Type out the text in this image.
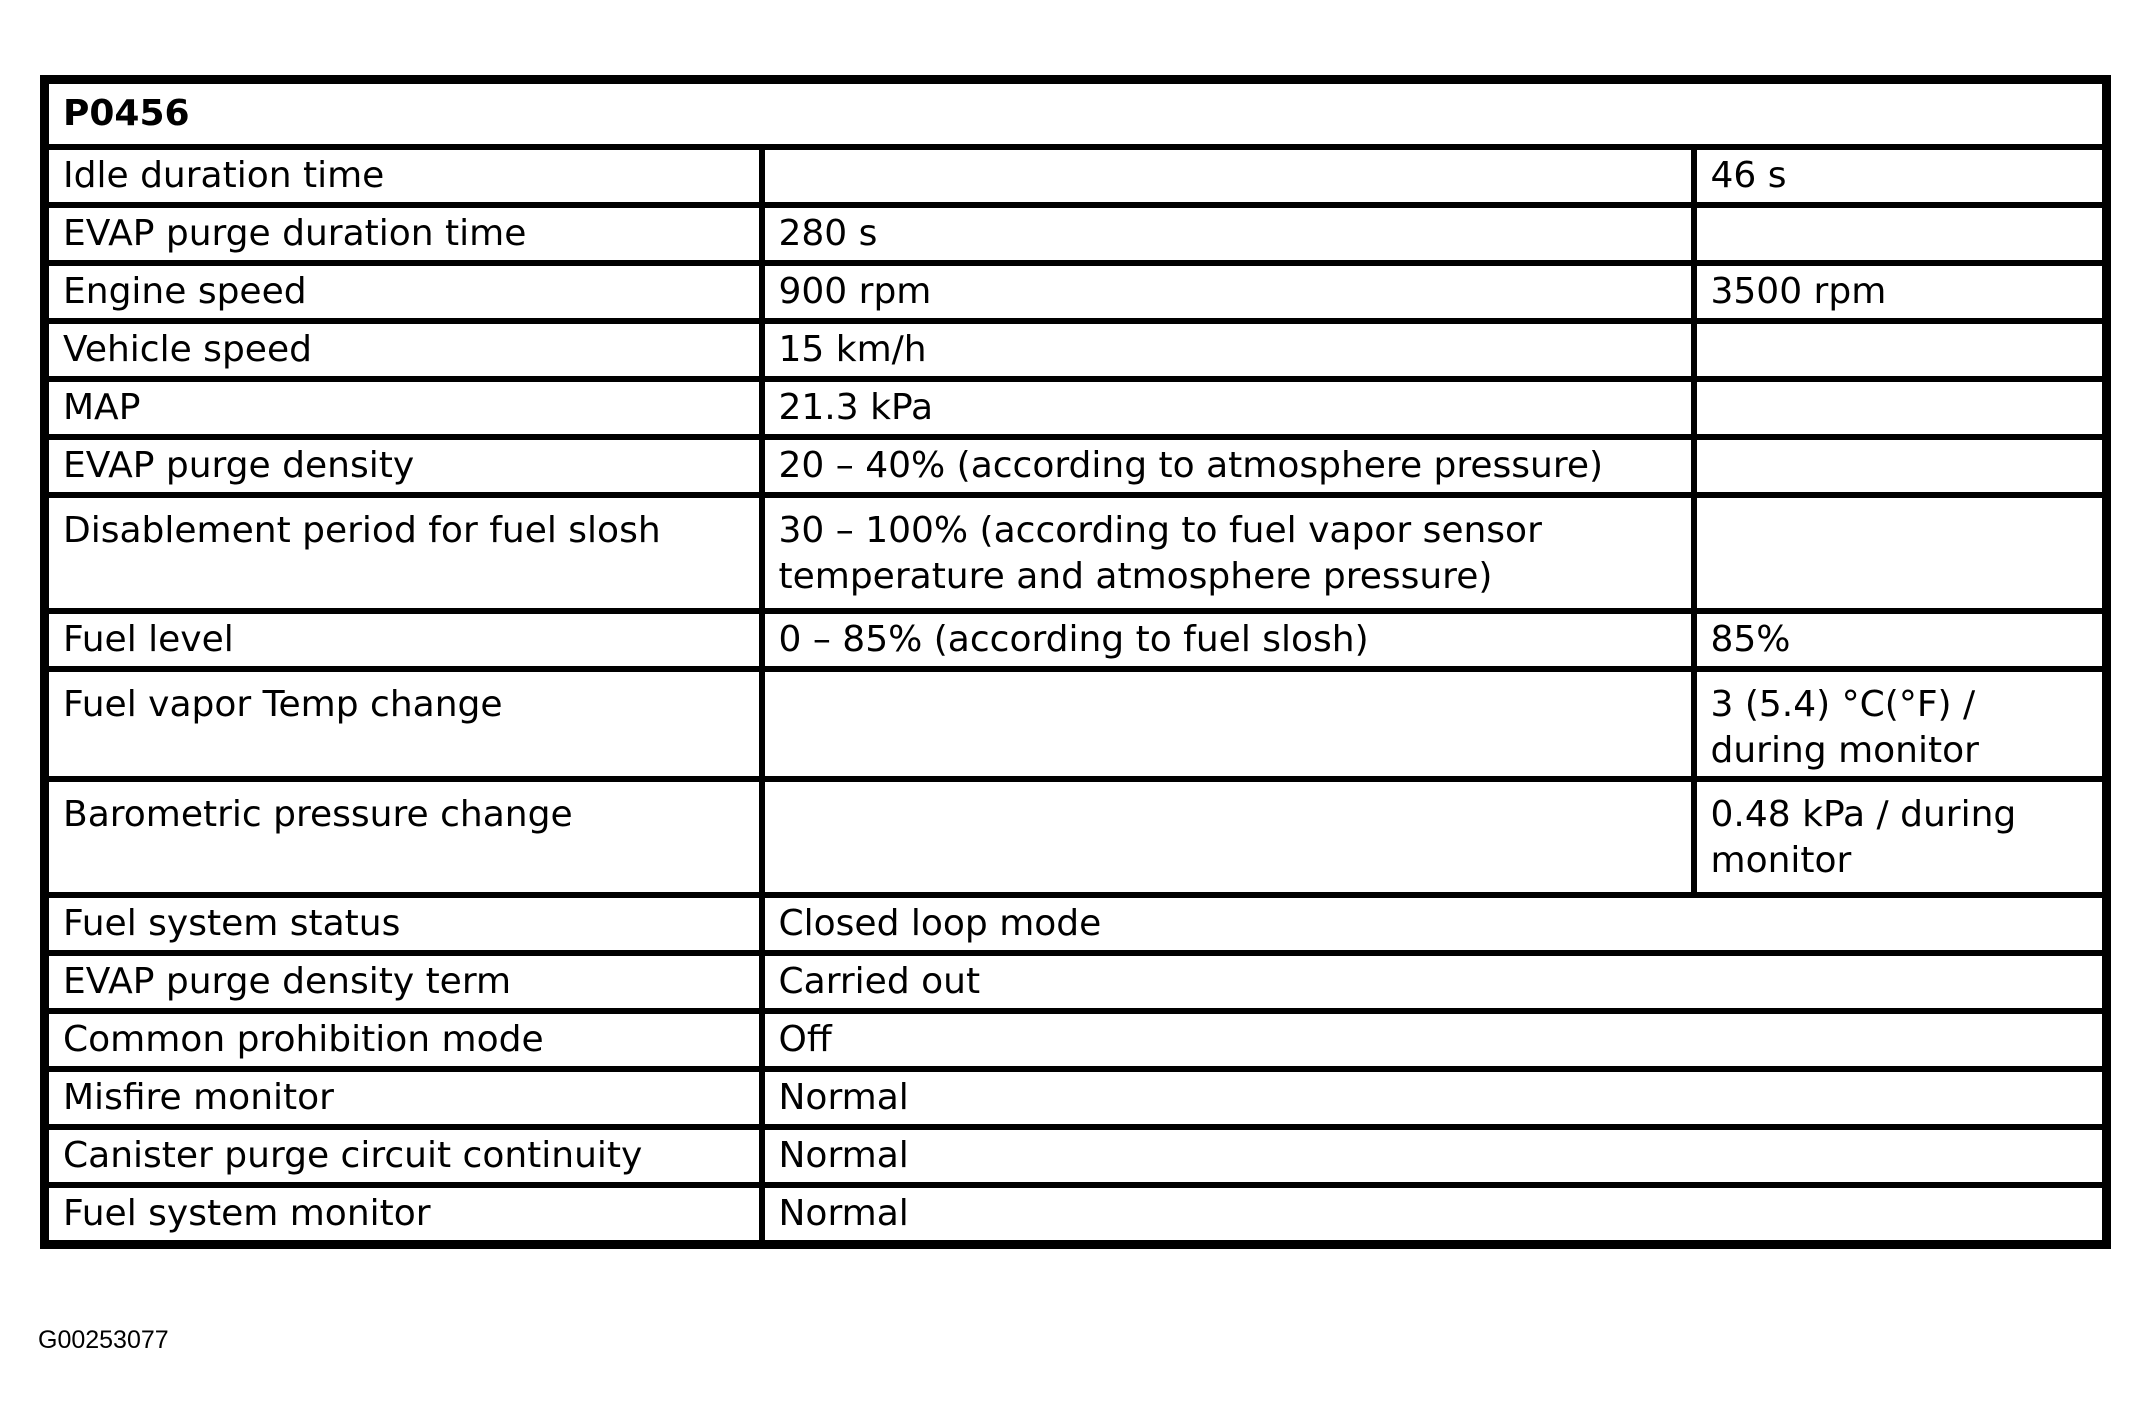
P0456		
Idle duration time		46 s
EVAP purge duration time	280 s	
Engine speed	900 rpm	3500 rpm
Vehicle speed	15 km/h	
MAP	21.3 kPa	
EVAP purge density	20 – 40% (according to atmosphere pressure)	
Disablement period for fuel slosh	30 – 100% (according to fuel vapor sensor temperature and atmosphere pressure)	
Fuel level	0 – 85% (according to fuel slosh)	85%
Fuel vapor Temp change		3 (5.4) °C(°F) / during monitor
Barometric pressure change		0.48 kPa / during monitor
Fuel system status	Closed loop mode	
EVAP purge density term	Carried out	
Common prohibition mode	Off	
Misfire monitor	Normal	
Canister purge circuit continuity	Normal	
Fuel system monitor	Normal	
G00253077
